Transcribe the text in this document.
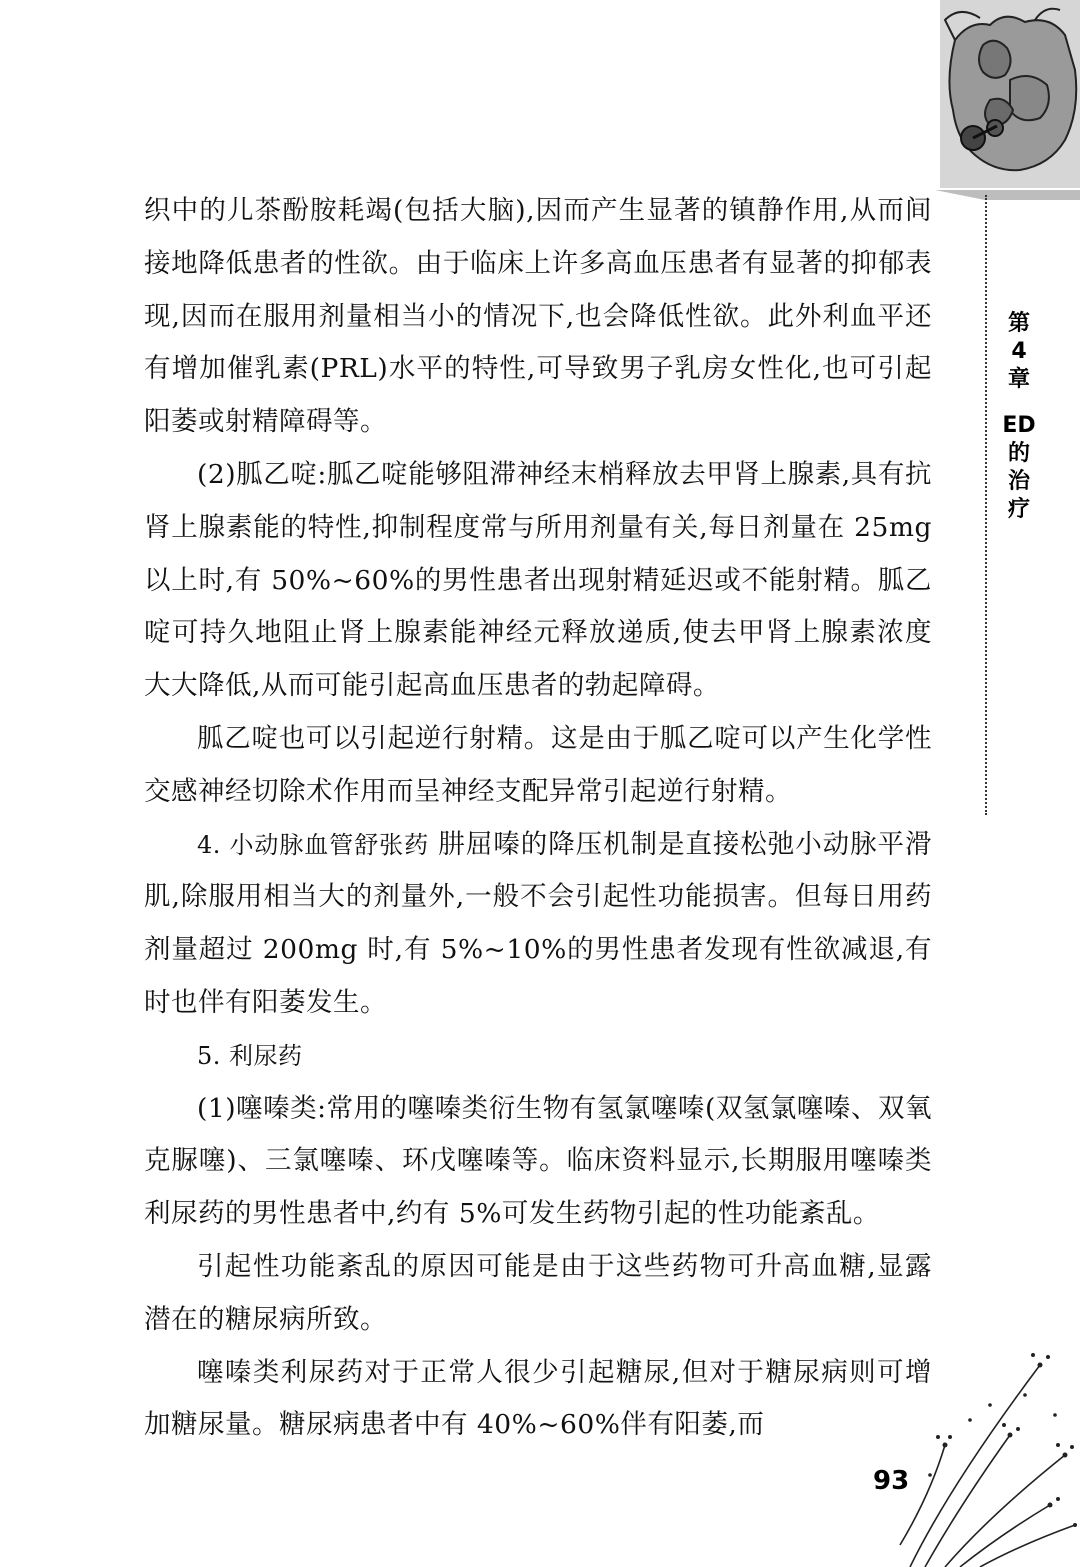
第
4
章
ED
的
治
疗

织中的儿茶酚胺耗竭(包括大脑),因而产生显著的镇静作用,从而间接地降低患者的性欲。由于临床上许多高血压患者有显著的抑郁表现,因而在服用剂量相当小的情况下,也会降低性欲。此外利血平还有增加催乳素(PRL)水平的特性,可导致男子乳房女性化,也可引起阳萎或射精障碍等。

(2)胍乙啶:胍乙啶能够阻滞神经末梢释放去甲肾上腺素,具有抗肾上腺素能的特性,抑制程度常与所用剂量有关,每日剂量在 25mg 以上时,有 50%~60%的男性患者出现射精延迟或不能射精。胍乙啶可持久地阻止肾上腺素能神经元释放递质,使去甲肾上腺素浓度大大降低,从而可能引起高血压患者的勃起障碍。

胍乙啶也可以引起逆行射精。这是由于胍乙啶可以产生化学性交感神经切除术作用而呈神经支配异常引起逆行射精。

4. 小动脉血管舒张药 肼屈嗪的降压机制是直接松弛小动脉平滑肌,除服用相当大的剂量外,一般不会引起性功能损害。但每日用药剂量超过 200mg 时,有 5%~10%的男性患者发现有性欲减退,有时也伴有阳萎发生。

5. 利尿药

(1)噻嗪类:常用的噻嗪类衍生物有氢氯噻嗪(双氢氯噻嗪、双氧克脲噻)、三氯噻嗪、环戊噻嗪等。临床资料显示,长期服用噻嗪类利尿药的男性患者中,约有 5%可发生药物引起的性功能紊乱。

引起性功能紊乱的原因可能是由于这些药物可升高血糖,显露潜在的糖尿病所致。

噻嗪类利尿药对于正常人很少引起糖尿,但对于糖尿病则可增加糖尿量。糖尿病患者中有 40%~60%伴有阳萎,而

93
